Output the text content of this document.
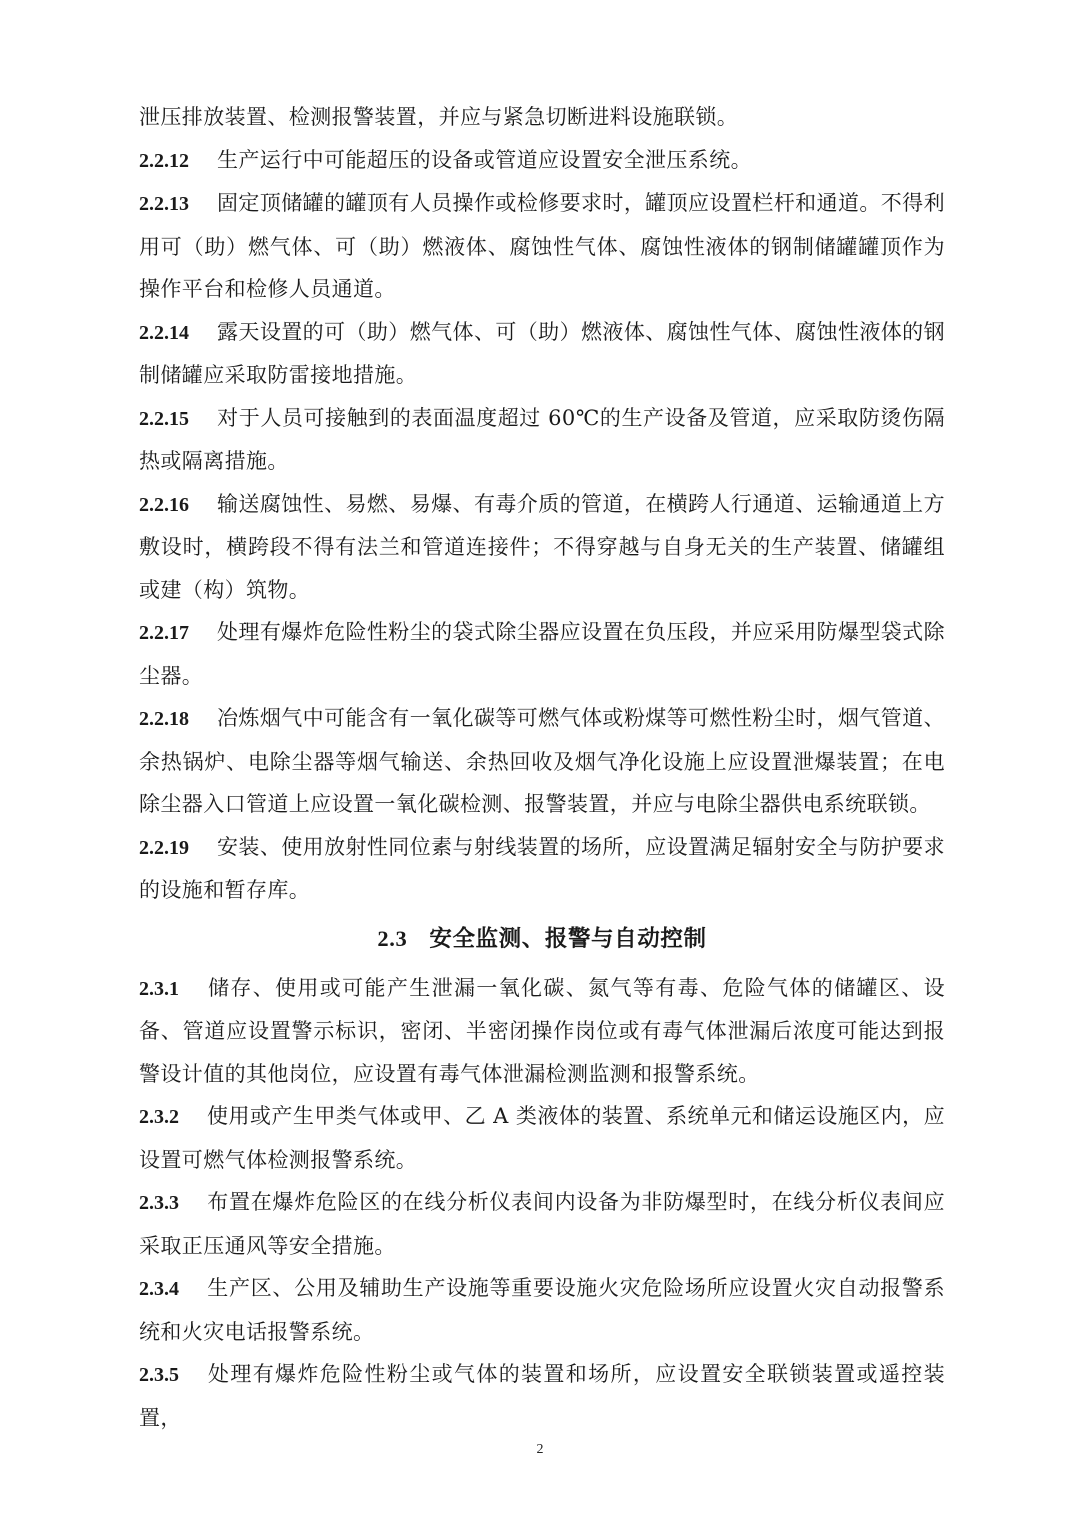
泄压排放装置、检测报警装置，并应与紧急切断进料设施联锁。

2.2.12 生产运行中可能超压的设备或管道应设置安全泄压系统。

2.2.13 固定顶储罐的罐顶有人员操作或检修要求时，罐顶应设置栏杆和通道。不得利用可（助）燃气体、可（助）燃液体、腐蚀性气体、腐蚀性液体的钢制储罐罐顶作为操作平台和检修人员通道。

2.2.14 露天设置的可（助）燃气体、可（助）燃液体、腐蚀性气体、腐蚀性液体的钢制储罐应采取防雷接地措施。

2.2.15 对于人员可接触到的表面温度超过 60℃的生产设备及管道，应采取防烫伤隔热或隔离措施。

2.2.16 输送腐蚀性、易燃、易爆、有毒介质的管道，在横跨人行通道、运输通道上方敷设时，横跨段不得有法兰和管道连接件；不得穿越与自身无关的生产装置、储罐组或建（构）筑物。

2.2.17 处理有爆炸危险性粉尘的袋式除尘器应设置在负压段，并应采用防爆型袋式除尘器。

2.2.18 冶炼烟气中可能含有一氧化碳等可燃气体或粉煤等可燃性粉尘时，烟气管道、余热锅炉、电除尘器等烟气输送、余热回收及烟气净化设施上应设置泄爆装置；在电除尘器入口管道上应设置一氧化碳检测、报警装置，并应与电除尘器供电系统联锁。

2.2.19 安装、使用放射性同位素与射线装置的场所，应设置满足辐射安全与防护要求的设施和暂存库。

2.3 安全监测、报警与自动控制

2.3.1 储存、使用或可能产生泄漏一氧化碳、氮气等有毒、危险气体的储罐区、设备、管道应设置警示标识，密闭、半密闭操作岗位或有毒气体泄漏后浓度可能达到报警设计值的其他岗位，应设置有毒气体泄漏检测监测和报警系统。

2.3.2 使用或产生甲类气体或甲、乙 A 类液体的装置、系统单元和储运设施区内，应设置可燃气体检测报警系统。

2.3.3 布置在爆炸危险区的在线分析仪表间内设备为非防爆型时，在线分析仪表间应采取正压通风等安全措施。

2.3.4 生产区、公用及辅助生产设施等重要设施火灾危险场所应设置火灾自动报警系统和火灾电话报警系统。

2.3.5 处理有爆炸危险性粉尘或气体的装置和场所，应设置安全联锁装置或遥控装置，

2
